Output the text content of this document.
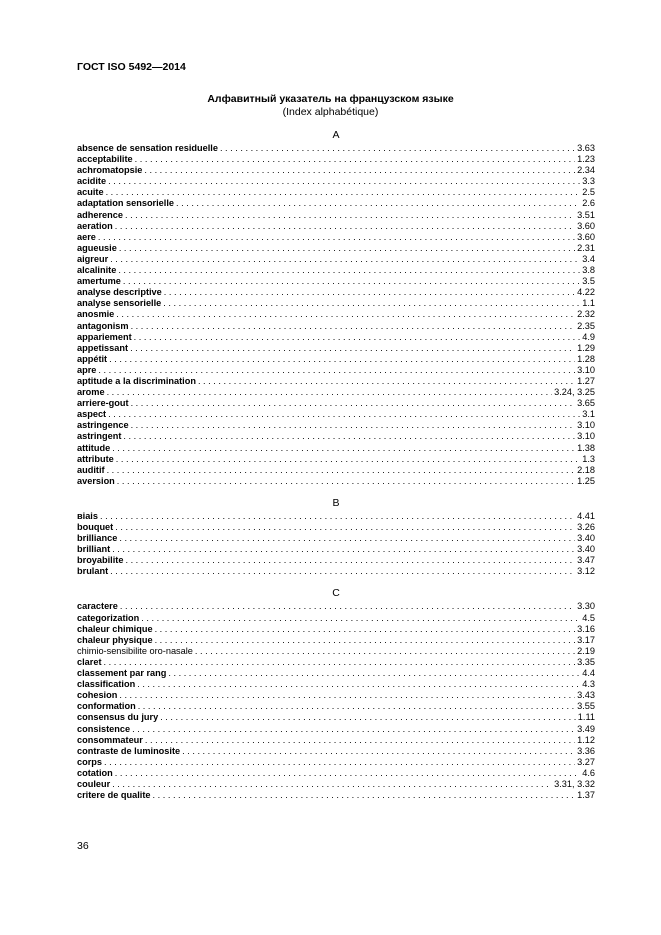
ГОСТ ISO 5492—2014
Алфавитный указатель на французском языке
(Index alphabétique)
A
absence de sensation residuelle . . .	3.63
acceptabilite . . .	1.23
achromatopsie . . .	2.34
acidite . . .	3.3
acuite . . .	2.5
adaptation sensorielle . . .	2.6
adherence . . .	3.51
aeration . . .	3.60
aere . . .	3.60
agueusie . . .	2.31
aigreur . . .	3.4
alcalinite . . .	3.8
amertume . . .	3.5
analyse descriptive . . .	4.22
analyse sensorielle . . .	1.1
anosmie . . .	2.32
antagonism . . .	2.35
appariement . . .	4.9
appetissant . . .	1.29
appétit . . .	1.28
apre . . .	3.10
aptitude a la discrimination . . .	1.27
arome . . .	3.24, 3.25
arriere-gout . . .	3.65
aspect . . .	3.1
astringence . . .	3.10
astringent . . .	3.10
attitude . . .	1.38
attribute . . .	1.3
auditif . . .	2.18
aversion . . .	1.25
B
вiais . . .	4.41
bouquet . . .	3.26
brilliance . . .	3.40
brilliant . . .	3.40
broyabilite . . .	3.47
brulant . . .	3.12
C
caractere . . .	3.30
categorization . . .	4.5
chaleur chimique . . .	3.16
chaleur physique . . .	3.17
chimio-sensibilite oro-nasale . . .	2.19
claret . . .	3.35
classement par rang . . .	4.4
classification . . .	4.3
cohesion . . .	3.43
conformation . . .	3.55
consensus du jury . . .	1.11
consistence . . .	3.49
consommateur . . .	1.12
contraste de luminosite . . .	3.36
corps . . .	3.27
cotation . . .	4.6
couleur . . .	3.31, 3.32
critere de qualite . . .	1.37
36
